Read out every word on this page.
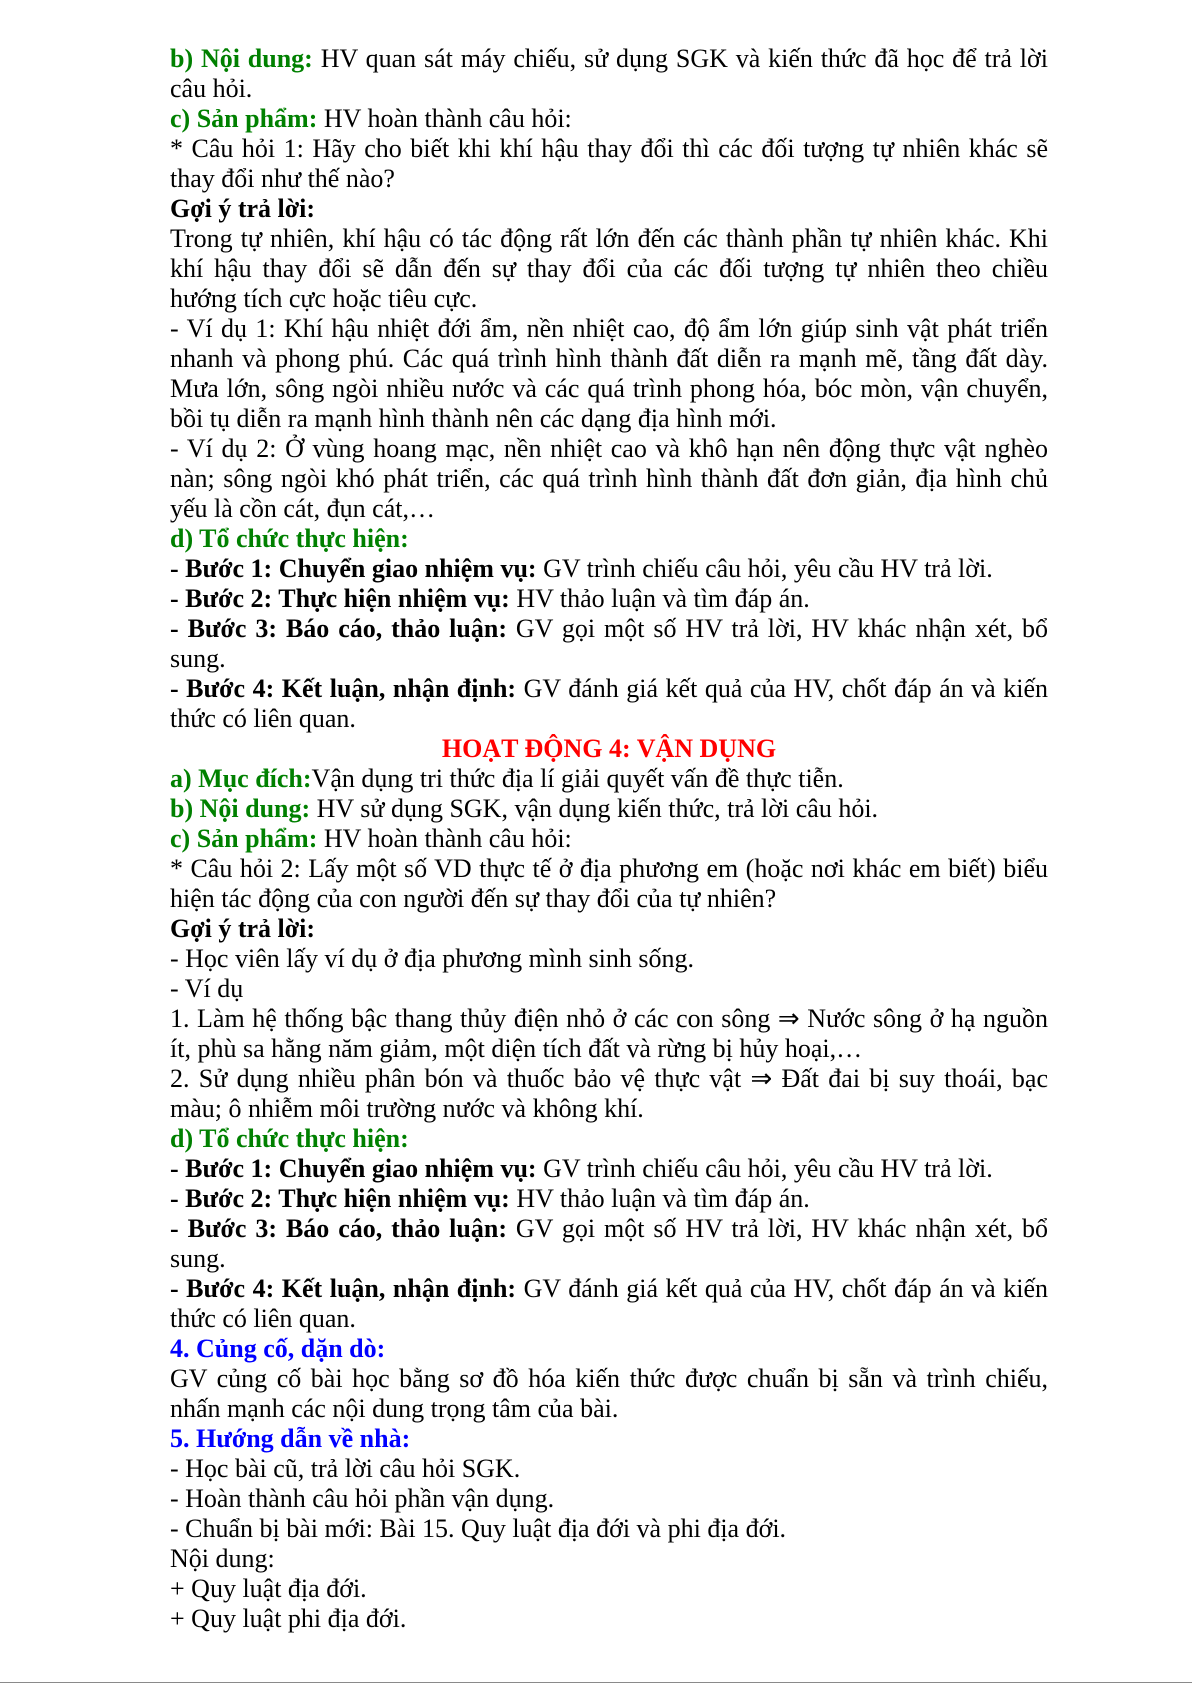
b) Nội dung: HV quan sát máy chiếu, sử dụng SGK và kiến thức đã học để trả lời
câu hỏi.
c) Sản phẩm: HV hoàn thành câu hỏi:
* Câu hỏi 1: Hãy cho biết khi khí hậu thay đổi thì các đối tượng tự nhiên khác sẽ
thay đổi như thế nào?
Gợi ý trả lời:
Trong tự nhiên, khí hậu có tác động rất lớn đến các thành phần tự nhiên khác. Khi
khí hậu thay đổi sẽ dẫn đến sự thay đổi của các đối tượng tự nhiên theo chiều
hướng tích cực hoặc tiêu cực.
- Ví dụ 1: Khí hậu nhiệt đới ẩm, nền nhiệt cao, độ ẩm lớn giúp sinh vật phát triển
nhanh và phong phú. Các quá trình hình thành đất diễn ra mạnh mẽ, tầng đất dày.
Mưa lớn, sông ngòi nhiều nước và các quá trình phong hóa, bóc mòn, vận chuyển,
bồi tụ diễn ra mạnh hình thành nên các dạng địa hình mới.
- Ví dụ 2: Ở vùng hoang mạc, nền nhiệt cao và khô hạn nên động thực vật nghèo
nàn; sông ngòi khó phát triển, các quá trình hình thành đất đơn giản, địa hình chủ
yếu là cồn cát, đụn cát,…
d) Tổ chức thực hiện:
- Bước 1: Chuyển giao nhiệm vụ: GV trình chiếu câu hỏi, yêu cầu HV trả lời.
- Bước 2: Thực hiện nhiệm vụ: HV thảo luận và tìm đáp án.
- Bước 3: Báo cáo, thảo luận: GV gọi một số HV trả lời, HV khác nhận xét, bổ
sung.
- Bước 4: Kết luận, nhận định: GV đánh giá kết quả của HV, chốt đáp án và kiến
thức có liên quan.
HOẠT ĐỘNG 4: VẬN DỤNG
a) Mục đích:Vận dụng tri thức địa lí giải quyết vấn đề thực tiễn.
b) Nội dung: HV sử dụng SGK, vận dụng kiến thức, trả lời câu hỏi.
c) Sản phẩm: HV hoàn thành câu hỏi:
* Câu hỏi 2: Lấy một số VD thực tế ở địa phương em (hoặc nơi khác em biết) biểu
hiện tác động của con người đến sự thay đổi của tự nhiên?
Gợi ý trả lời:
- Học viên lấy ví dụ ở địa phương mình sinh sống.
- Ví dụ
1. Làm hệ thống bậc thang thủy điện nhỏ ở các con sông ⇒ Nước sông ở hạ nguồn
ít, phù sa hằng năm giảm, một diện tích đất và rừng bị hủy hoại,…
2. Sử dụng nhiều phân bón và thuốc bảo vệ thực vật ⇒ Đất đai bị suy thoái, bạc
màu; ô nhiễm môi trường nước và không khí.
d) Tổ chức thực hiện:
- Bước 1: Chuyển giao nhiệm vụ: GV trình chiếu câu hỏi, yêu cầu HV trả lời.
- Bước 2: Thực hiện nhiệm vụ: HV thảo luận và tìm đáp án.
- Bước 3: Báo cáo, thảo luận: GV gọi một số HV trả lời, HV khác nhận xét, bổ
sung.
- Bước 4: Kết luận, nhận định: GV đánh giá kết quả của HV, chốt đáp án và kiến
thức có liên quan.
4. Củng cố, dặn dò:
GV củng cố bài học bằng sơ đồ hóa kiến thức được chuẩn bị sẵn và trình chiếu,
nhấn mạnh các nội dung trọng tâm của bài.
5. Hướng dẫn về nhà:
- Học bài cũ, trả lời câu hỏi SGK.
- Hoàn thành câu hỏi phần vận dụng.
- Chuẩn bị bài mới: Bài 15. Quy luật địa đới và phi địa đới.
Nội dung:
+ Quy luật địa đới.
+ Quy luật phi địa đới.
